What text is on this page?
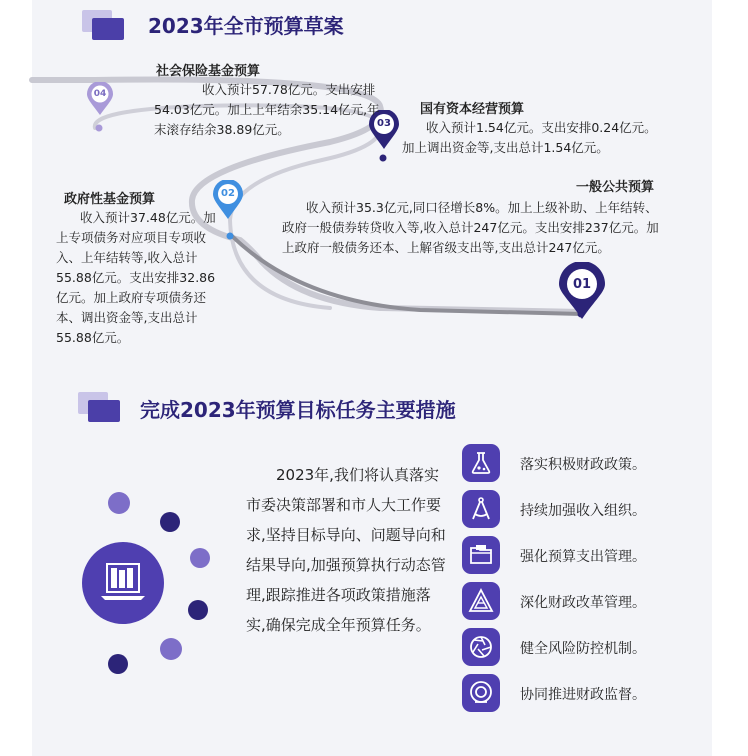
2023年全市预算草案
04
03
02
01
社会保险基金预算
收入预计57.78亿元。支出安排54.03亿元。加上上年结余35.14亿元,年末滚存结余38.89亿元。
国有资本经营预算
收入预计1.54亿元。支出安排0.24亿元。加上调出资金等,支出总计1.54亿元。
一般公共预算
收入预计35.3亿元,同口径增长8%。加上上级补助、上年结转、政府一般债券转贷收入等,收入总计247亿元。支出安排237亿元。加上政府一般债务还本、上解省级支出等,支出总计247亿元。
政府性基金预算
收入预计37.48亿元。加上专项债务对应项目专项收入、上年结转等,收入总计55.88亿元。支出安排32.86亿元。加上政府专项债务还本、调出资金等,支出总计55.88亿元。
完成2023年预算目标任务主要措施
2023年,我们将认真落实市委决策部署和市人大工作要求,坚持目标导向、问题导向和结果导向,加强预算执行动态管理,跟踪推进各项政策措施落实,确保完成全年预算任务。
落实积极财政政策。
持续加强收入组织。
强化预算支出管理。
深化财政改革管理。
健全风险防控机制。
协同推进财政监督。
